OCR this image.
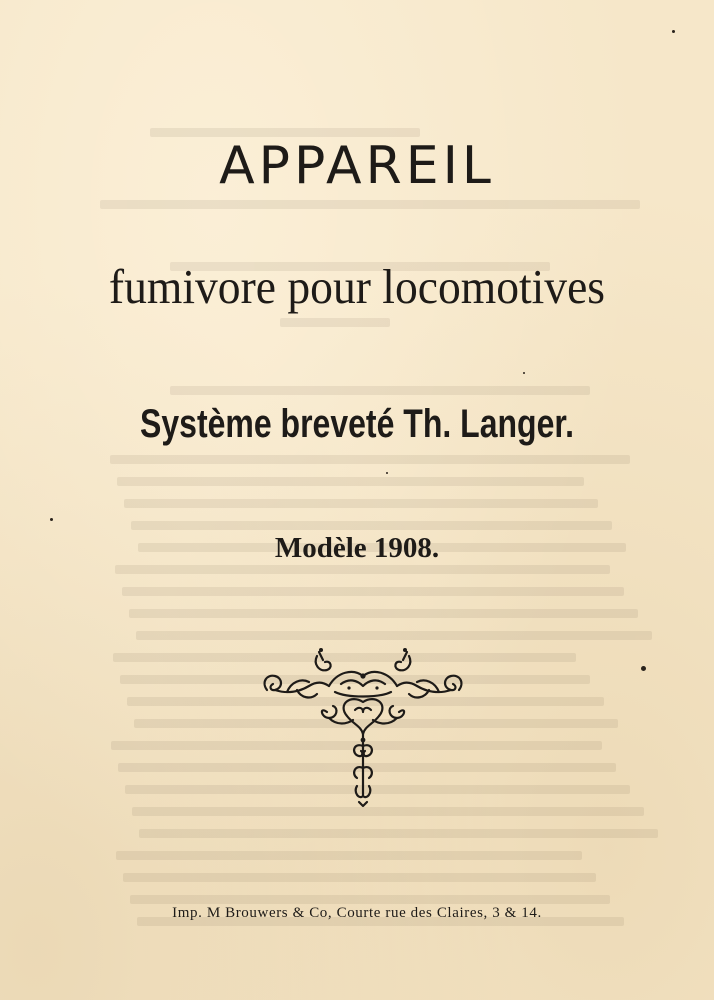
APPAREIL
fumivore pour locomotives
Système breveté Th. Langer.
Modèle 1908.
Imp. M Brouwers & Co, Courte rue des Claires, 3 & 14.
